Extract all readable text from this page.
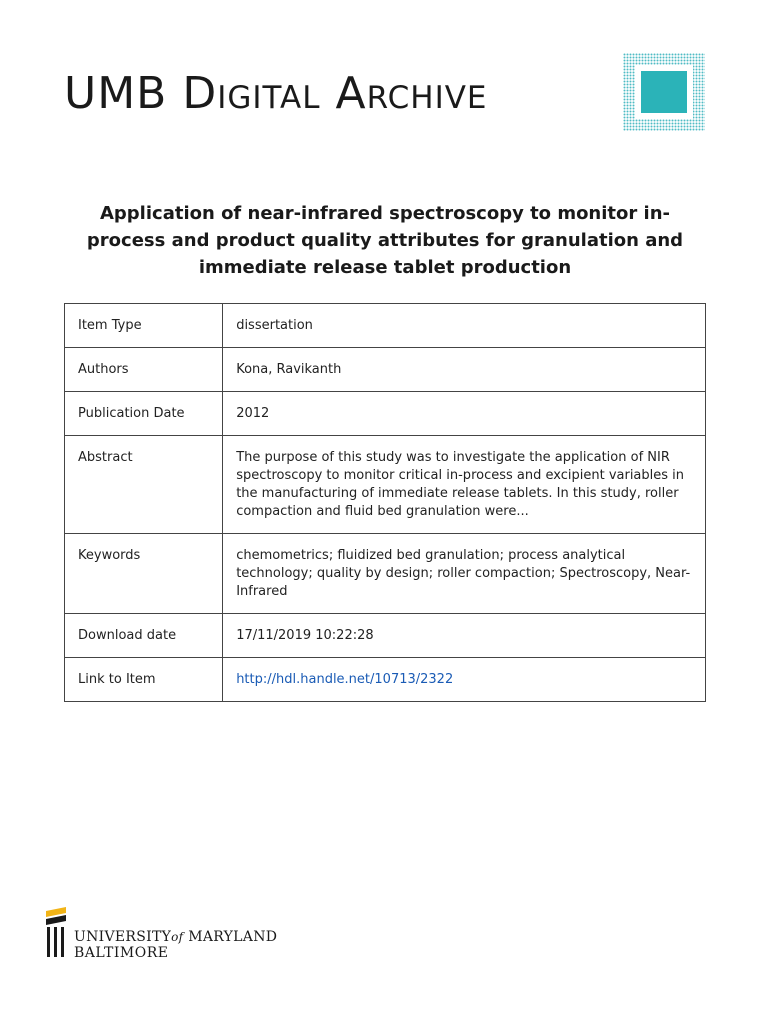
UMB Digital Archive
Application of near-infrared spectroscopy to monitor in-process and product quality attributes for granulation and immediate release tablet production
Item Type	dissertation
Authors	Kona, Ravikanth
Publication Date	2012
Abstract	The purpose of this study was to investigate the application of NIR spectroscopy to monitor critical in-process and excipient variables in the manufacturing of immediate release tablets. In this study, roller compaction and fluid bed granulation were...
Keywords	chemometrics; fluidized bed granulation; process analytical technology; quality by design; roller compaction; Spectroscopy, Near-Infrared
Download date	17/11/2019 10:22:28
Link to Item	http://hdl.handle.net/10713/2322
UNIVERSITYof MARYLAND
BALTIMORE
